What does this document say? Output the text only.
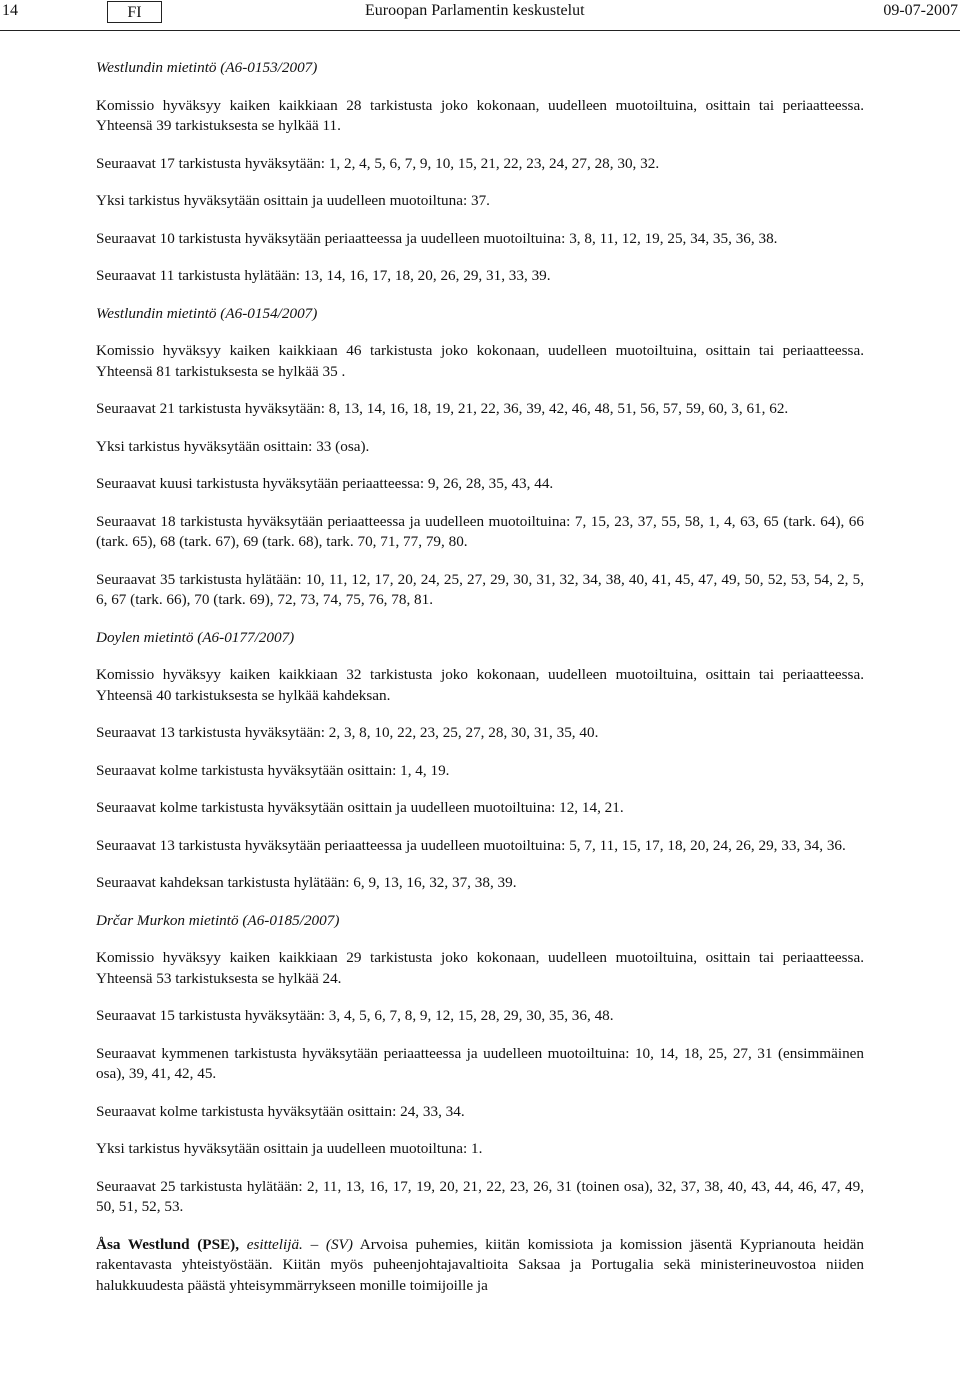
14	FI	Euroopan Parlamentin keskustelut	09-07-2007

Westlundin mietintö (A6-0153/2007)

Komissio hyväksyy kaiken kaikkiaan 28 tarkistusta joko kokonaan, uudelleen muotoiltuina, osittain tai periaatteessa. Yhteensä 39 tarkistuksesta se hylkää 11.

Seuraavat 17 tarkistusta hyväksytään: 1, 2, 4, 5, 6, 7, 9, 10, 15, 21, 22, 23, 24, 27, 28, 30, 32.

Yksi tarkistus hyväksytään osittain ja uudelleen muotoiltuna: 37.

Seuraavat 10 tarkistusta hyväksytään periaatteessa ja uudelleen muotoiltuina: 3, 8, 11, 12, 19, 25, 34, 35, 36, 38.

Seuraavat 11 tarkistusta hylätään: 13, 14, 16, 17, 18, 20, 26, 29, 31, 33, 39.

Westlundin mietintö (A6-0154/2007)

Komissio hyväksyy kaiken kaikkiaan 46 tarkistusta joko kokonaan, uudelleen muotoiltuina, osittain tai periaatteessa. Yhteensä 81 tarkistuksesta se hylkää 35 .

Seuraavat 21 tarkistusta hyväksytään: 8, 13, 14, 16, 18, 19, 21, 22, 36, 39, 42, 46, 48, 51, 56, 57, 59, 60, 3, 61, 62.

Yksi tarkistus hyväksytään osittain: 33 (osa).

Seuraavat kuusi tarkistusta hyväksytään periaatteessa: 9, 26, 28, 35, 43, 44.

Seuraavat 18 tarkistusta hyväksytään periaatteessa ja uudelleen muotoiltuina: 7, 15, 23, 37, 55, 58, 1, 4, 63, 65 (tark. 64), 66 (tark. 65), 68 (tark. 67), 69 (tark. 68), tark. 70, 71, 77, 79, 80.

Seuraavat 35 tarkistusta hylätään: 10, 11, 12, 17, 20, 24, 25, 27, 29, 30, 31, 32, 34, 38, 40, 41, 45, 47, 49, 50, 52, 53, 54, 2, 5, 6, 67 (tark. 66), 70 (tark. 69), 72, 73, 74, 75, 76, 78, 81.

Doylen mietintö (A6-0177/2007)

Komissio hyväksyy kaiken kaikkiaan 32 tarkistusta joko kokonaan, uudelleen muotoiltuina, osittain tai periaatteessa. Yhteensä 40 tarkistuksesta se hylkää kahdeksan.

Seuraavat 13 tarkistusta hyväksytään: 2, 3, 8, 10, 22, 23, 25, 27, 28, 30, 31, 35, 40.

Seuraavat kolme tarkistusta hyväksytään osittain: 1, 4, 19.

Seuraavat kolme tarkistusta hyväksytään osittain ja uudelleen muotoiltuina: 12, 14, 21.

Seuraavat 13 tarkistusta hyväksytään periaatteessa ja uudelleen muotoiltuina: 5, 7, 11, 15, 17, 18, 20, 24, 26, 29, 33, 34, 36.

Seuraavat kahdeksan tarkistusta hylätään: 6, 9, 13, 16, 32, 37, 38, 39.

Drčar Murkon mietintö (A6-0185/2007)

Komissio hyväksyy kaiken kaikkiaan 29 tarkistusta joko kokonaan, uudelleen muotoiltuina, osittain tai periaatteessa. Yhteensä 53 tarkistuksesta se hylkää 24.

Seuraavat 15 tarkistusta hyväksytään: 3, 4, 5, 6, 7, 8, 9, 12, 15, 28, 29, 30, 35, 36, 48.

Seuraavat kymmenen tarkistusta hyväksytään periaatteessa ja uudelleen muotoiltuina: 10, 14, 18, 25, 27, 31 (ensimmäinen osa), 39, 41, 42, 45.

Seuraavat kolme tarkistusta hyväksytään osittain: 24, 33, 34.

Yksi tarkistus hyväksytään osittain ja uudelleen muotoiltuna: 1.

Seuraavat 25 tarkistusta hylätään: 2, 11, 13, 16, 17, 19, 20, 21, 22, 23, 26, 31 (toinen osa), 32, 37, 38, 40, 43, 44, 46, 47, 49, 50, 51, 52, 53.

Åsa Westlund (PSE), esittelijä. – (SV) Arvoisa puhemies, kiitän komissiota ja komission jäsentä Kyprianouta heidän rakentavasta yhteistyöstään. Kiitän myös puheenjohtajavaltioita Saksaa ja Portugalia sekä ministerineuvostoa niiden halukkuudesta päästä yhteisymmärrykseen monille toimijoille ja
